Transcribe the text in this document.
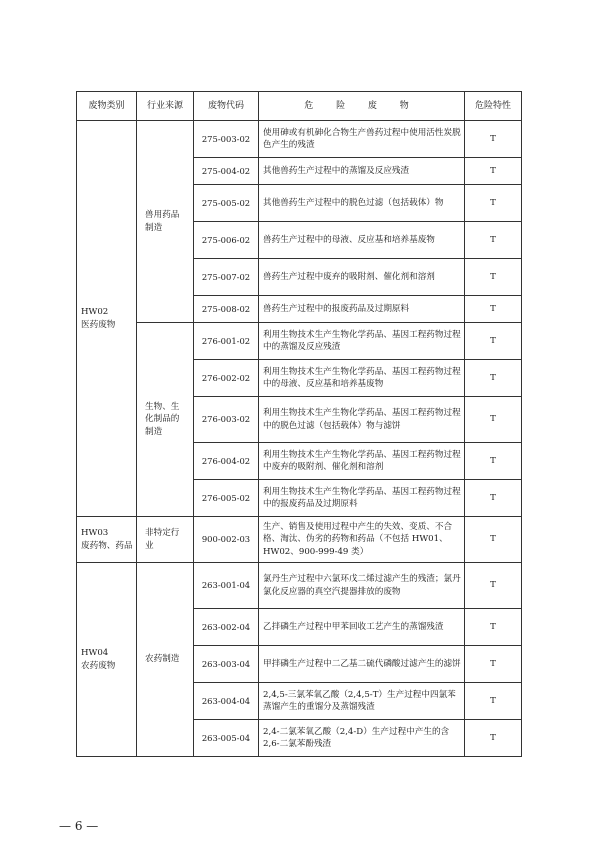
废物类别	行业来源	废物代码	危 险 废 物	危险特性

HW02
医药废物	兽用药品制造	275-003-02	使用砷或有机砷化合物生产兽药过程中使用活性炭脱色产生的残渣	T
		275-004-02	其他兽药生产过程中的蒸馏及反应残渣	T
		275-005-02	其他兽药生产过程中的脱色过滤（包括载体）物	T
		275-006-02	兽药生产过程中的母液、反应基和培养基废物	T
		275-007-02	兽药生产过程中废弃的吸附剂、催化剂和溶剂	T
		275-008-02	兽药生产过程中的报废药品及过期原料	T
	生物、生化制品的制造	276-001-02	利用生物技术生产生物化学药品、基因工程药物过程中的蒸馏及反应残渣	T
		276-002-02	利用生物技术生产生物化学药品、基因工程药物过程中的母液、反应基和培养基废物	T
		276-003-02	利用生物技术生产生物化学药品、基因工程药物过程中的脱色过滤（包括载体）物与滤饼	T
		276-004-02	利用生物技术生产生物化学药品、基因工程药物过程中废弃的吸附剂、催化剂和溶剂	T
		276-005-02	利用生物技术生产生物化学药品、基因工程药物过程中的报废药品及过期原料	T

HW03
废药物、药品	非特定行业	900-002-03	生产、销售及使用过程中产生的失效、变质、不合格、淘汰、伪劣的药物和药品（不包括 HW01、HW02、900-999-49 类）	T

HW04
农药废物	农药制造	263-001-04	氯丹生产过程中六氯环戊二烯过滤产生的残渣；氯丹氯化反应器的真空汽提器排放的废物	T
		263-002-04	乙拌磷生产过程中甲苯回收工艺产生的蒸馏残渣	T
		263-003-04	甲拌磷生产过程中二乙基二硫代磷酸过滤产生的滤饼	T
		263-004-04	2,4,5-三氯苯氧乙酸（2,4,5-T）生产过程中四氯苯蒸馏产生的重馏分及蒸馏残渣	T
		263-005-04	2,4-二氯苯氧乙酸（2,4-D）生产过程中产生的含 2,6-二氯苯酚残渣	T
— 6 —
